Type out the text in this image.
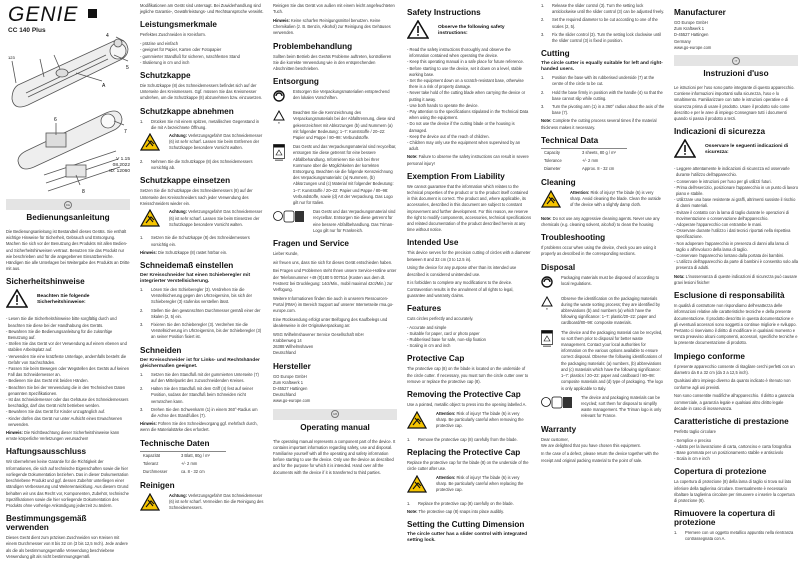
GENIE
CC 140 Plus
123
4
5
A
6
7
8
V 1.15
08.2022
ID: 12060
DE
Bedienungsanleitung
Die Bedienungsanleitung ist Bestandteil dieses Geräts. Sie enthält wichtige Hinweise für Sicherheit, Gebrauch und Entsorgung. Machen Sie sich vor der Benutzung des Produkts mit allen Bedien- und Sicherheitshinweisen vertraut. Benutzen Sie das Produkt nur wie beschrieben und für die angegebenen Einsatzbereiche. Händigen Sie alle Unterlagen bei Weitergabe des Produkts an Dritte mit aus.
Sicherheitshinweise
Beachten Sie folgende Sicherheitshinweise:
- Lesen Sie die Sicherheitshinweise bitte sorgfältig durch und beachten Sie diese bei der Handhabung des Geräts.
- Bewahren Sie die Bedienungsanleitung für die zukünftige Benutzung auf.
- Stellen Sie das Gerät vor der Verwendung auf einem ebenen und stabilen Arbeitsplatz auf.
- Verwenden Sie eine kratzfeste Unterlage, andernfalls besteht die Gefahr von Sachschäden.
- Fassen Sie beim Bewegen oder Wegstellen des Geräts auf keinen Fall das Schneidemesser an.
- Bedienen Sie das Gerät mit beiden Händen.
- Beachten Sie bei der Verwendung die in den Technischen Daten genannten Spezifikationen.
- Ist das Schneidemesser oder das Gehäuse des Schneidemessers beschädigt, darf das Gerät nicht betrieben werden.
- Bewahren Sie das Gerät für Kinder unzugänglich auf.
- Kinder dürfen das Gerät nur unter Aufsicht eines Erwachsenen verwenden.
Hinweis: Die Nichtbeachtung dieser Sicherheitshinweise kann ernste körperliche Verletzungen verursachen!
Haftungsausschluss
Wir übernehmen keine Garantie für die Richtigkeit der Informationen, die sich auf technische Eigenschaften sowie die hier vorliegende Dokumentation beziehen. Das in dieser Dokumentation beschriebene Produkt und ggf. dessen Zubehör unterliegen einer ständigen Verbesserung und Weiterentwicklung. Aus diesem Grund behalten wir uns das Recht vor, Komponenten, Zubehör, technische Spezifikationen sowie die hier vorliegende Dokumentation des Produkts ohne vorherige Ankündigung jederzeit zu ändern.
Bestimmungsgemäß verwenden
Dieses Gerät dient zum präzisen Zuschneiden von Kreisen mit einem Durchmesser von 8 bis 32 cm (3 bis 12,5 Inch). Jede andere als die als bestimmungsgemäße Verwendung beschriebene Verwendung gilt als nicht bestimmungsgemäß
Modifikationen am Gerät sind untersagt. Bei Zuwiderhandlung sind jegliche Garantie-, Gewährleistungs- und Rechtsansprüche verwirkt.
Leistungsmerkmale
Perfektes Zuschneiden in Kreisform.
- präzise und einfach
- geeignet für Papier, Karten oder Fotopapier
- gummierter Standfuß für sicheren, rutschfesten Stand
- Skalierung in cm und inch
Schutzkappe
Die Schutzkappe (8) des Schneidemessers befindet sich auf der Unterseite des Kreismessers. Ggf. müssen Sie das Kreismesser umdrehen, um die Schutzkappe (8) abzunehmen bzw. einzusetzen.
Schutzkappe abnehmen
1.	Drücken Sie mit einem spitzen, metallischen Gegenstand in die mit A bezeichnete Öffnung.
Achtung: Verletzungsgefahr! Das Schneidemesser (6) ist sehr scharf. Lassen Sie beim Entfernen der Schutzkappe besondere Vorsicht walten.
2.	Nehmen Sie die Schutzkappe (8) des Schneidemessers vorsichtig ab.
Schutzkappe einsetzen
Setzen Sie die Schutzkappe des Schneidemessers (8) auf der Unterseite des Kreisschneiders nach jeder Verwendung des Kreisschneiders wieder ein.
Achtung: Verletzungsgefahr! Das Schneidemesser (6) ist sehr scharf. Lassen Sie beim Einsetzen der Schutzkappe besondere Vorsicht walten.
1.	Setzen Sie die Schutzkappe (8) des Schneidemessers vorsichtig ein.
Hinweis: Die Schutzkappe (8) rastet hörbar ein.
Schneidemaß einstellen
Der Kreisschneider hat einen Schieberegler mit integrierter Verstellsicherung.
1.	Lösen Sie den Schieberegler (3). Verdrehen Sie die Verstellsicherung gegen den Uhrzeigersinn, bis sich der Schieberegler (3) stufenlos verstellen lässt.
2.	Stellen Sie den gewünschten Durchmesser gemäß einer der Skalen (2, 5) ein.
3.	Fixieren Sie den Schieberegler (3). Verdrehen Sie die Verstellsicherung im Uhrzeigersinn, bis der Schieberegler (3) an seiner Position fixiert ist.
Schneiden
Der Kreisschneider ist für Links- und Rechtshänder gleichermaßen geeignet.
1.	Setzen Sie den Standfuß mit der gummierten Unterseite (7) auf den Mittelpunkt des zuzuschneidenden Kreises.
2.	Halten Sie den Standfuß mit dem Griff (4) fest auf seiner Position, sodass der Standfuß beim Schneiden nicht verrutschen kann.
3.	Drehen Sie den Schwenkarm (1) in einem 360°-Radius um die Achse des Standfußes (7).
Hinweis: Führen Sie den Schneidevorgang ggf. mehrfach durch, wenn die Materialstärke dies erfordert.
Technische Daten
Kapazität	3 Blatt, 80g / m²
Toleranz	+/- 2 mm
Durchmesser	ca. 8 - 32 cm
Reinigen
Achtung: Verletzungsgefahr! Das Schneidemesser (6) ist sehr scharf. Vermeiden Sie die Reinigung des Schneidemessers.
Reinigen Sie das Gerät von außen mit einem leicht angefeuchteten Tuch.
Hinweis: Keine scharfen Reinigungsmittel benutzen. Keine Chemikalien (z. B. Benzin, Alkohol) zur Reinigung des Gehäuses verwenden.
Problembehandlung
Sollten beim Betrieb des Geräts Probleme auftreten, kontrollieren Sie die korrekte Verwendung wie in den entsprechenden Abschnitten beschrieben.
Entsorgung
Entsorgen Sie Verpackungsmaterialien entsprechend den lokalen Vorschriften.
a
Beachten Sie die Kennzeichnung des Verpackungsmaterials bei der Abfalltrennung, diese sind gekennzeichnet mit Abkürzungen (b) und Nummern (a) mit folgender Bedeutung: 1–7: Kunststoffe / 20–22: Papier und Pappe / 80–98: Verbundstoffe.
Das Gerät und das Verpackungsmaterial sind recycelbar, entsorgen Sie diese getrennt für eine bessere Abfallbehandlung. Informieren Sie sich bei Ihrer Kommune über die Möglichkeiten der korrekten Entsorgung. Beachten sie die folgende Kennzeichnung des Verpackungsmaterials: (a) Nummern, (b) Abkürzungen und (c) Material mit folgender Bedeutung: 1–7: Kunststoffe / 20–22: Papier und Pappe / 80–98: Verbundstoffe, sowie (d) Art der Verpackung. Das Logo gilt nur für Italien.
Das Gerät und das Verpackungsmaterial sind recycelbar. Entsorgen Sie diese getrennt für eine bessere Abfallbehandlung. Das Triman-Logo gilt nur für Frankreich.
Fragen und Service
Lieber Kunde,
wir freuen uns, dass Sie sich für dieses Gerät entschieden haben.
Bei Fragen und Problemen steht Ihnen unsere Service-Hotline unter der Telefonnummer +49 (0)180 5 007514 (Kosten aus dem dt. Festnetz bei Drucklegung: 14ct/Min., mobil maximal 42ct/Min.) zur Verfügung.
Weitere Informationen finden Sie auch in unserem Ressourcen-Portal (RMA) im Bereich Support auf unserer Internetseite rma.go-europe.com.
Eine Rücksendung erfolgt unter Beifügung des Kaufbelegs und idealerweise in der Originalverpackung an:
WSG Wilhelmshavener Service Gesellschaft mbH
Krabbenweg 14
26388 Wilhelmshaven
Deutschland
Hersteller
GO Europe GmbH
Zum Kraftwerk 1
D-45527 Hattingen
Deutschland
www.go-europe.com
GB
Operating manual
The operating manual represents a component part of the device. It contains important information regarding safety, use and disposal. Familiarise yourself with all the operating and safety information before starting to use the device. Only use the device as described and for the purpose for which it is intended. Hand over all the documents with the device if it is transferred to third parties.
Safety Instructions
Observe the following safety instructions:
- Read the safety instructions thoroughly and observe the information contained when operating the device.
- Keep this operating manual in a safe place for future reference.
- Before starting to use the device, set it down on a level, stable working base.
- Set the equipment down on a scratch-resistant base, otherwise there is a risk of property damage.
- Never take hold of the cutting blade when carrying the device or putting it away.
- Use both hands to operate the device.
- Pay attention to the specifications stipulated in the Technical Data when using the equipment.
- Do not use the device if the cutting blade or the housing is damaged.
- Keep the device out of the reach of children.
- Children may only use the equipment when supervised by an adult.
Note: Failure to observe the safety instructions can result in severe personal injury!
Exemption From Liability
We cannot guarantee that the information which relates to the technical properties of the product or to the product itself contained in this document is correct. The product and, where applicable, its accessories, described in this document are subject to constant improvement and further development. For this reason, we reserve the right to modify components, accessories, technical specifications and related documentation of the product described herein at any time without notice.
Intended Use
This device serves for the precision cutting of circles with a diameter between 8 and 32 cm (3 to 12.5 in).
Using the device for any purpose other than its intended use described is considered unintended use.
It is forbidden to complete any modifications to the device. Contravention results in the annulment of all rights to legal, guarantee and warranty claims.
Features
Cuts circles perfectly and accurately.
- Accurate and simple
- Suitable for paper, card or photo paper
- Rubberised base for safe, non-slip fixation
- Scaling in cm and inch
Protective Cap
The protective cap (8) on the blade is located on the underside of the circle cutter. If necessary, you must turn the circle cutter over to remove or replace the protective cap (8).
Removing the Protective Cap
Use a pointed, metallic object to press into the opening labelled A.
Attention: Risk of injury! The blade (6) is very sharp. Be particularly careful when removing the protective cap.
1.	Remove the protective cap (8) carefully from the blade.
Replacing the Protective Cap
Replace the protective cap for the blade (8) on the underside of the circle cutter after use.
Attention: Risk of injury! The blade (6) is very sharp. Be particularly careful when replacing the protective cap.
1.	Replace the protective cap (8) carefully on the blade.
Note: The protective cap (8) snaps into place audibly.
Setting the Cutting Dimension
The circle cutter has a slider control with integrated setting lock.
1.	Release the slider control (3). Turn the setting lock anticlockwise until the slider control (3) can be adjusted freely.
2.	Set the required diameter to be cut according to one of the scales (2, 5).
3.	Fix the slider control (3). Turn the setting lock clockwise until the slider control (3) is fixed in position.
Cutting
The circle cutter is equally suitable for left and right-handed users.
1.	Position the base with its rubberised underside (7) at the centre of the circle to be cut.
2.	Hold the base firmly in position with the handle (4) so that the base cannot slip while cutting.
3.	Turn the pivoting arm (1) in a 360° radius about the axis of the base (7).
Note: Complete the cutting process several times if the material thickness makes it necessary.
Technical Data
Capacity	3 sheets, 80 g / m²
Tolerance	+/- 2 mm
Diameter	Approx. 8 - 32 cm
Cleaning
Attention: Risk of injury! The blade (6) is very sharp. Avoid cleaning the blade. Clean the outside of the device with a slightly damp cloth.
Note: Do not use any aggressive cleaning agents. Never use any chemicals (e.g. cleaning solvent, alcohol) to clean the housing
Troubleshooting
If problems occur when using the device, check you are using it properly as described in the corresponding sections.
Disposal
Packaging materials must be disposed of according to local regulations.
a
Observe the identification on the packaging materials during the waste sorting process; they are identified by abbreviations (b) and numbers (a) which have the following significance: 1–7: plastic/20–22: paper and cardboard/80–98: composite materials.
The device and the packaging material can be recycled, so sort them prior to disposal for better waste management. Contact your local authorities for information on the various options available to ensure correct disposal. Observe the following identifications of the packaging materials: (a) numbers, (b) abbreviations and (c) materials which have the following significance: 1–7: plastics / 20–22: paper and cardboard / 80–98: composite materials and (d) type of packaging. The logo is only applicable to Italy.
The device and packaging materials can be recycled; sort them for disposal to simplify waste management. The Triman logo is only relevant for France.
Warranty
Dear customer,
We are delighted that you have chosen this equipment.
In the case of a defect, please return the device together with the receipt and original packing material to the point of sale.
Manufacturer
GO Europe GmbH
Zum Kraftwerk 1
D-45527 Hattingen
Germany
www.go-europe.com
IT
Instruzioni d'uso
Le istruzioni per l'uso sono parte integrante di questo apparecchio. Contiene informazioni importanti sulla sicurezza, l'uso e lo smaltimento. Familiarizzare con tutte le istruzioni operative e di sicurezza prima di usare il prodotto. Usare il prodotto solo come descritto e per le aree di impiego Consegnare tutti i documenti quando si passa il prodotto a terzi.
Indicazioni di sicurezza
Osservare le seguenti indicazioni di sicurezza:
- Leggere attentamente le indicazioni di sicurezza ed osservarle durante l'utilizzo dell'apparecchio.
- Conservare le istruzioni per l'uso per gli utilizzi futuri.
- Prima dell'esercizio, posizionare l'apparecchio in un punto di lavoro piano e stabile.
- Utilizzare una base resistente ai graffi, altrimenti sussiste il rischio di danni materiali.
- Evitare il contatto con la lama di taglio durante le operazioni di movimentazione o conservazione dell'apparecchio.
- Adoperare l'apparecchio con entrambe le mani.
- Osservare durante l'utilizzo i dati tecnici riportati nella rispettiva specificazione.
- Non adoperare l'apparecchio in presenza di danni alla lama di taglio o all'involucro della lama di taglio.
- Conservare l'apparecchio lontano dalla portata dei bambini.
- L'utilizzo dell'apparecchio da parte di bambini è consentito solo alla presenza di adulti.
Nota: L'inosservanza di queste indicazioni di sicurezza può causare gravi lesioni fisiche!
Esclusione di responsabilità
In qualità di costruttore non rispondiamo dell'esattezza delle informazioni relative alle caratteristiche tecniche e della presente documentazione. Il prodotto descritto in questa documentazione e gli eventuali accessori sono soggetti a continue migliorie e sviluppo. Pertanto ci riserviamo il diritto di modificare in qualsiasi momento e senza preavviso alcuni componenti, accessori, specifiche tecniche e la presente documentazione di prodotto.
Impiego conforme
Il presente apparecchio consente di ritagliare cerchi perfetti con un diametro da 8 a 32 cm (da 3 a 12,5 inch).
Qualsiasi altro impiego diverso da quanto indicato è ritenuto non conforme agli usi previsti.
Non sono consentite modifiche all'apparecchio. Il diritto a garanzia commerciale, a garanzia legale e qualsiasi altro diritto legale decade in caso di inosservanza.
Caratteristiche di prestazione
Perfetto taglio circolare
- Semplice e preciso
- Adatto per la lavorazione di carta, cartoncino e carta fotografica
- Base gommata per un posizionamento stabile e antiscivolo
- Scala in cm e inch
Copertura di protezione
La copertura di protezione (8) della lama di taglio si trova sul lato inferiore della taglierina circolare. Eventualmente è necessario ribaltare la taglierina circolare per rimuovere o inserire la copertura di protezione (8).
Rimuovere la copertura di protezione
1.	Premere con un oggetto metallico appuntito nella rientranza contrassegnata con A.
